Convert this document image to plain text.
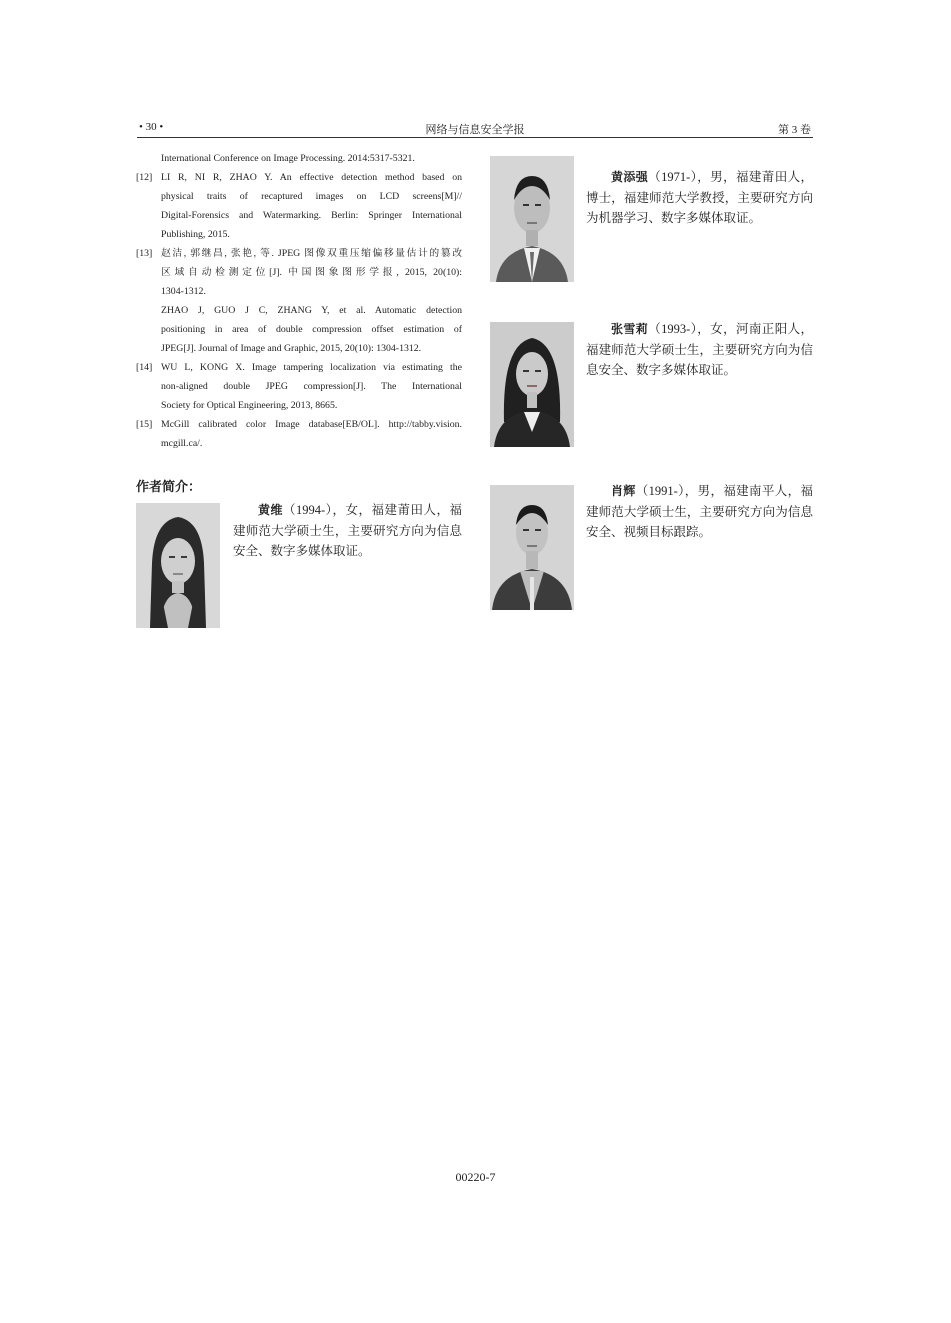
• 30 •	网络与信息安全学报	第 3 卷
International Conference on Image Processing. 2014:5317-5321.
[12] LI R, NI R, ZHAO Y. An effective detection method based on
physical traits of recaptured images on LCD screens[M]//
Digital-Forensics and Watermarking. Berlin: Springer International
Publishing, 2015.
[13] 赵洁, 郭继昌, 张艳, 等. JPEG 图像双重压缩偏移量估计的篡改
区域自动检测定位[J]. 中国图象图形学报, 2015, 20(10):
1304-1312.
ZHAO J, GUO J C, ZHANG Y, et al. Automatic detection
positioning in area of double compression offset estimation of
JPEG[J]. Journal of Image and Graphic, 2015, 20(10): 1304-1312.
[14] WU L, KONG X. Image tampering localization via estimating the
non-aligned double JPEG compression[J]. The International
Society for Optical Engineering, 2013, 8665.
[15] McGill calibrated color Image database[EB/OL]. http://tabby.vision.
mcgill.ca/.
作者简介：
黄维（1994-），女，福建莆田人，福建师范大学硕士生，主要研究方向为信息安全、数字多媒体取证。
黄添强（1971-），男，福建莆田人，博士，福建师范大学教授，主要研究方向为机器学习、数字多媒体取证。
张雪莉（1993-），女，河南正阳人，福建师范大学硕士生，主要研究方向为信息安全、数字多媒体取证。
肖辉（1991-），男，福建南平人，福建师范大学硕士生，主要研究方向为信息安全、视频目标跟踪。
00220-7
